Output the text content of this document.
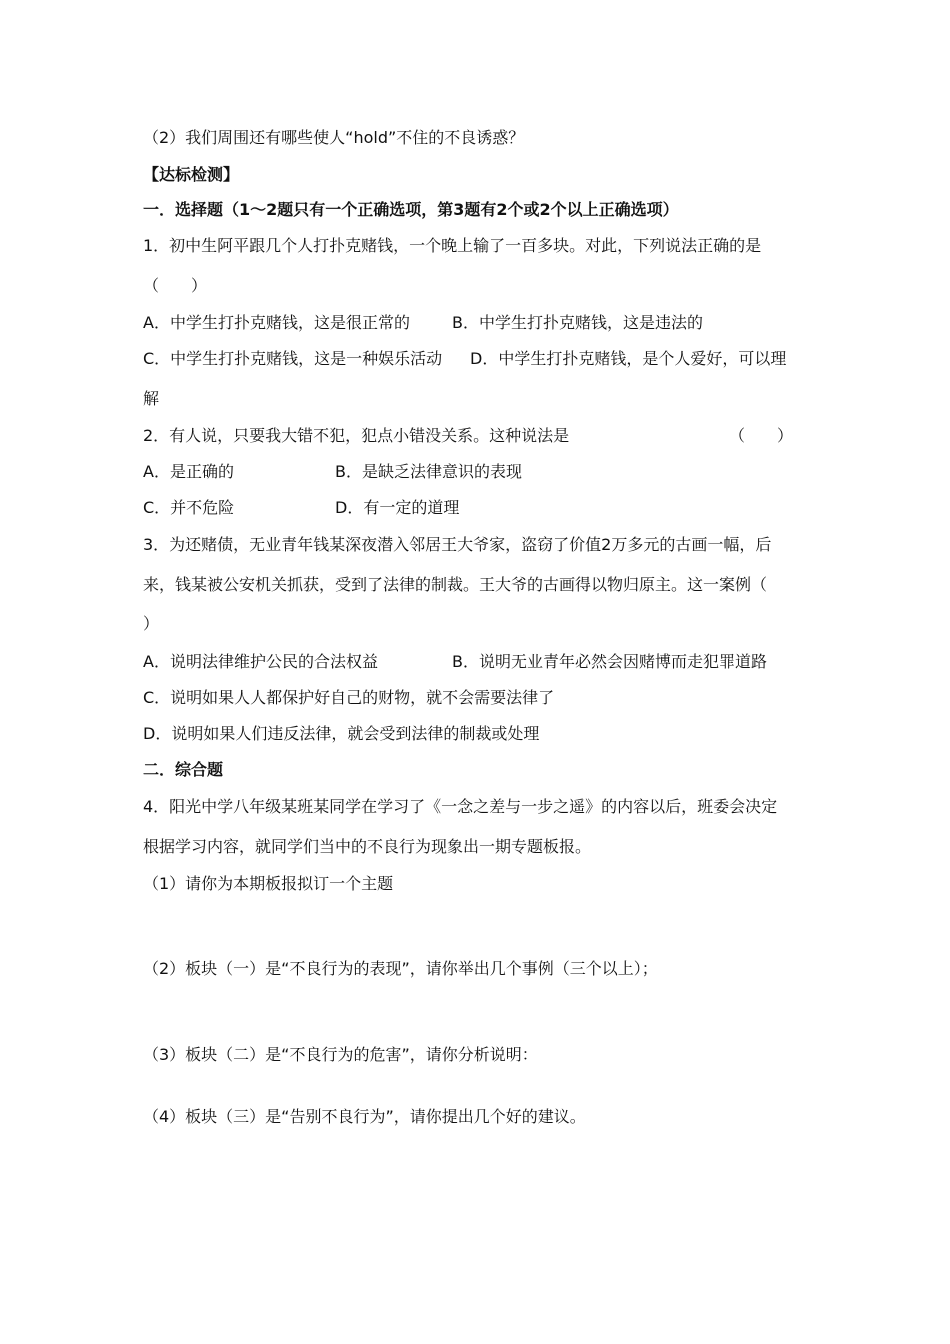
（2）我们周围还有哪些使人“hold”不住的不良诱惑？
【达标检测】
一．选择题（1～2题只有一个正确选项，第3题有2个或2个以上正确选项）
1．初中生阿平跟几个人打扑克赌钱，一个晚上输了一百多块。对此，下列说法正确的是
（　　）
A．中学生打扑克赌钱，这是很正常的	B．中学生打扑克赌钱，这是违法的
C．中学生打扑克赌钱，这是一种娱乐活动 D．中学生打扑克赌钱，是个人爱好，可以理
解
2．有人说，只要我大错不犯，犯点小错没关系。这种说法是	（　　）
A．是正确的	B．是缺乏法律意识的表现
C．并不危险	D．有一定的道理
3．为还赌债，无业青年钱某深夜潜入邻居王大爷家，盗窃了价值2万多元的古画一幅，后
来，钱某被公安机关抓获，受到了法律的制裁。王大爷的古画得以物归原主。这一案例（
）
A．说明法律维护公民的合法权益	B．说明无业青年必然会因赌博而走犯罪道路
C．说明如果人人都保护好自己的财物，就不会需要法律了
D．说明如果人们违反法律，就会受到法律的制裁或处理
二．综合题
4．阳光中学八年级某班某同学在学习了《一念之差与一步之遥》的内容以后，班委会决定
根据学习内容，就同学们当中的不良行为现象出一期专题板报。
（1）请你为本期板报拟订一个主题
（2）板块（一）是“不良行为的表现”，请你举出几个事例（三个以上）；
（3）板块（二）是“不良行为的危害”，请你分析说明：
（4）板块（三）是“告别不良行为”，请你提出几个好的建议。
